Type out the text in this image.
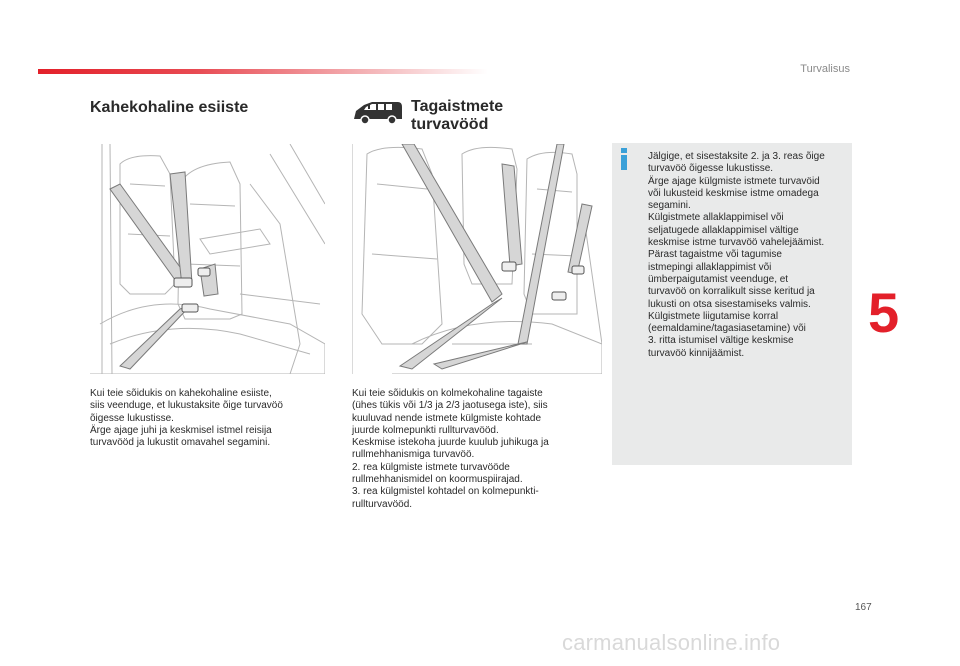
Turvalisus
Kahekohaline esiiste	Tagaistmete turvavööd
Kui teie sõidukis on kahekohaline esiiste,
siis veenduge, et lukustaksite õige turvavöö
õigesse lukustisse.
Ärge ajage juhi ja keskmisel istmel reisija
turvavööd ja lukustit omavahel segamini.
Kui teie sõidukis on kolmekohaline tagaiste
(ühes tükis või 1/3 ja 2/3 jaotusega iste), siis
kuuluvad nende istmete külgmiste kohtade
juurde kolmepunkti rullturvavööd.
Keskmise istekoha juurde kuulub juhikuga ja
rullmehhanismiga turvavöö.
2. rea külgmiste istmete turvavööde
rullmehhanismidel on koormuspiirajad.
3. rea külgmistel kohtadel on kolmepunkti-
rullturvavööd.
Jälgige, et sisestaksite 2. ja 3. reas õige
turvavöö õigesse lukustisse.
Ärge ajage külgmiste istmete turvavöid
või lukusteid keskmise istme omadega
segamini.
Külgistmete allaklappimisel või
seljatugede allaklappimisel vältige
keskmise istme turvavöö vahelejäämist.
Pärast tagaistme või tagumise
istmepingi allaklappimist või
ümberpaigutamist veenduge, et
turvavöö on korralikult sisse keritud ja
lukusti on otsa sisestamiseks valmis.
Külgistmete liigutamise korral
(eemaldamine/tagasiasetamine) või
3. ritta istumisel vältige keskmise
turvavöö kinnijäämist.
5
167
carmanualsonline.info
